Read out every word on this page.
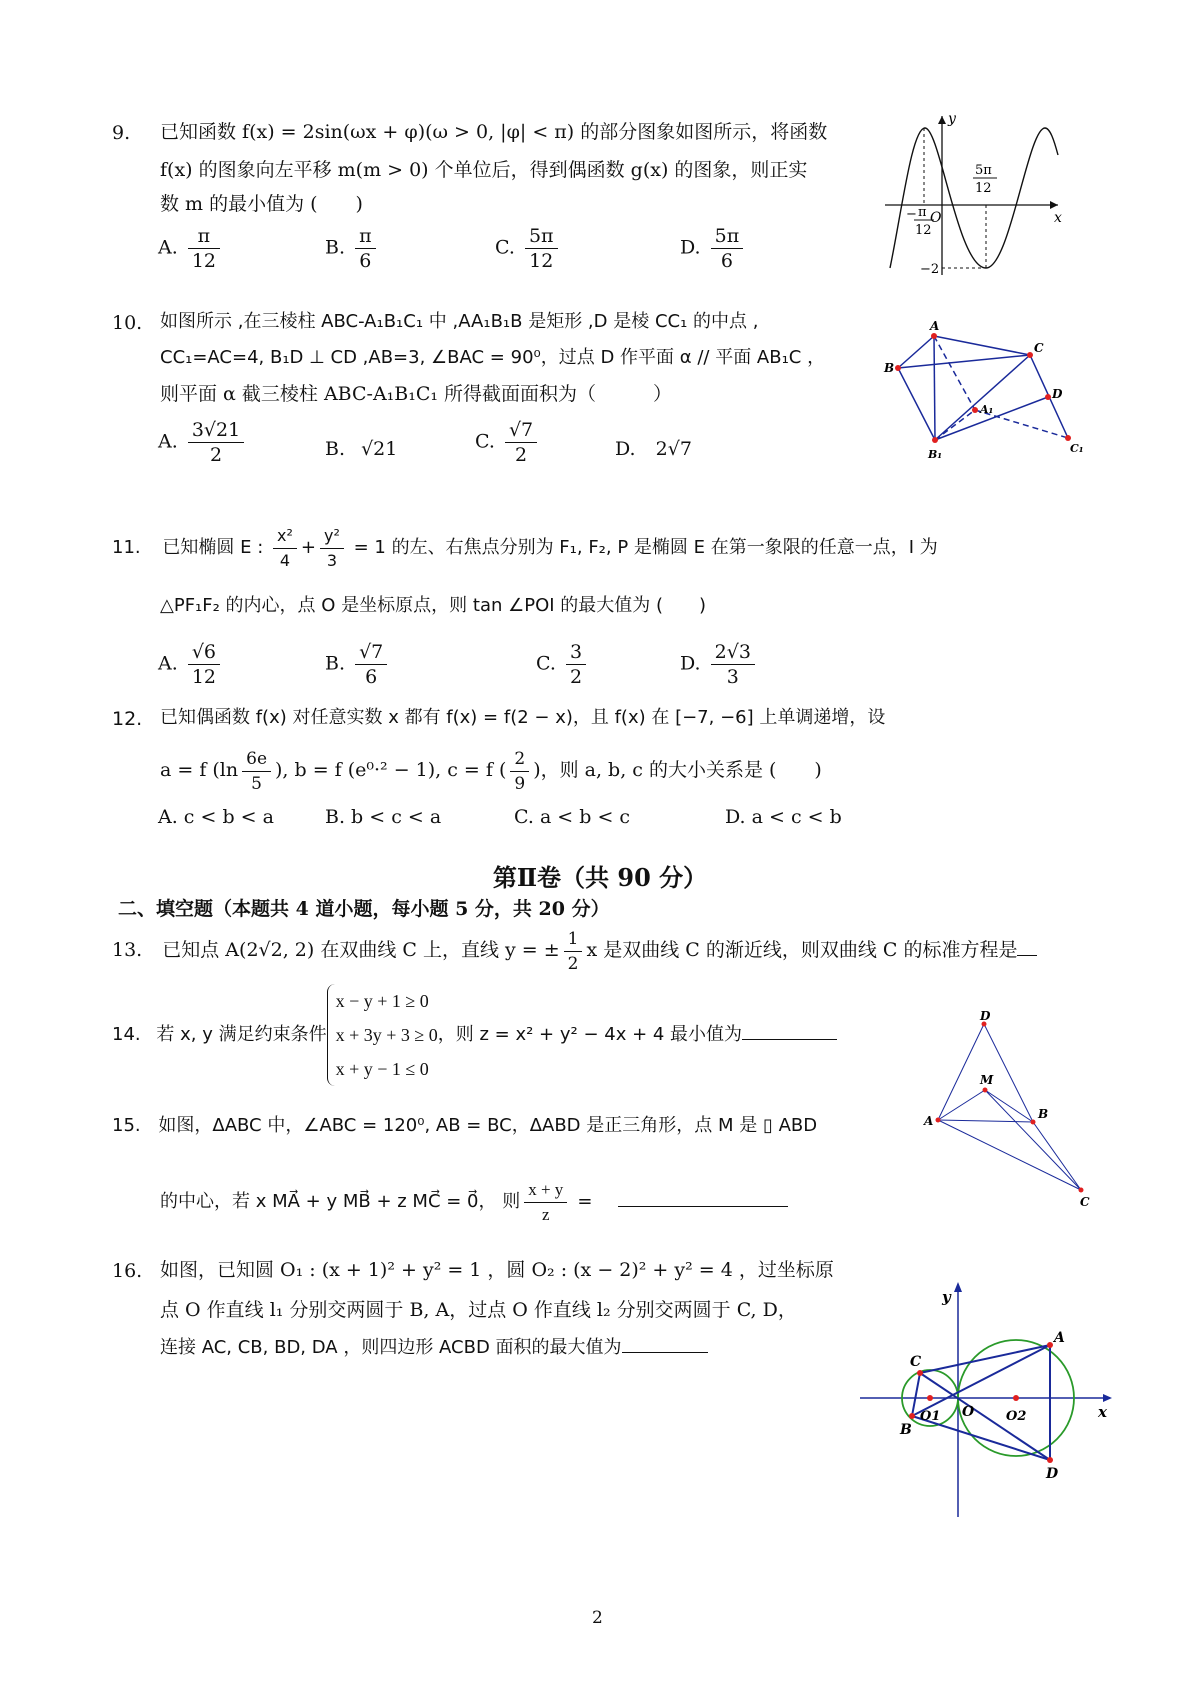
9. 已知函数 f(x) = 2sin(ωx + φ)(ω > 0, |φ| < π) 的部分图象如图所示，将函数
f(x) 的图象向左平移 m(m > 0) 个单位后，得到偶函数 g(x) 的图象，则正实
数 m 的最小值为 (　　)
A. $\frac{\pi}{12}$	B. $\frac{\pi}{6}$	C. $\frac{5\pi}{12}$	D. $\frac{5\pi}{6}$
y
x
O
−2
5π
12
− π
12
10. 如图所示 ,在三棱柱 ABC-A₁B₁C₁ 中 ,AA₁B₁B 是矩形 ,D 是棱 CC₁ 的中点 ,
CC₁=AC=4, B₁D ⊥ CD ,AB=3, ∠BAC = 90⁰，过点 D 作平面 α // 平面 AB₁C ，
则平面 α 截三棱柱 ABC-A₁B₁C₁ 所得截面面积为（　　　）
A. $\frac{3√21}{2}$	B. √21	C. $\frac{√7}{2}$	D. 2√7
A
B
C
D
A₁
B₁	C₁
11. 已知椭圆 E : $\frac{\text{x²}}{4} + \frac{\text{y²}}{3} = 1$ 的左、右焦点分别为 F₁, F₂, P 是椭圆 E 在第一象限的任意一点，I 为
△PF₁F₂ 的内心，点 O 是坐标原点，则 tan ∠POI 的最大值为 (　　)
A. $\frac{√6}{12}$	B. $\frac{√7}{6}$	C. $\frac{3}{2}$	D. $\frac{2√3}{3}$
12. 已知偶函数 f(x) 对任意实数 x 都有 f(x) = f(2 − x)，且 f(x) 在 [−7, −6] 上单调递增，设
a = f ($\ln \frac{6e}{5}$ ), b = f (e⁰·² − 1), c = f ( $\frac{2}{9}$ )，则 a, b, c 的大小关系是 (　　)
A. c < b < a	B. b < c < a	C. a < b < c	D. a < c < b
第Ⅱ卷（共 90 分）
二、填空题（本题共 4 道小题，每小题 5 分，共 20 分）
13. 已知点 A(2√2, 2) 在双曲线 C 上，直线 y = ± $\frac{1}{2}$ x 是双曲线 C 的渐近线，则双曲线 C 的标准方程是
14. 若 x, y 满足约束条件
x − y + 1 ≥ 0
x + 3y + 3 ≥ 0
x + y − 1 ≤ 0
，则 z = x² + y² − 4x + 4 最小值为
D
M
A	B
C
15. 如图，ΔABC 中，∠ABC = 120⁰, AB = BC，ΔABD 是正三角形，点 M 是 ▯ ABD
的中心，若 x MA⃗ + y MB⃗ + z MC⃗ = 0⃗， 则 $\frac{x + y}{z}$ =
16. 如图，已知圆 O₁ : (x + 1)² + y² = 1 ，圆 O₂ : (x − 2)² + y² = 4 ，过坐标原
点 O 作直线 l₁ 分别交两圆于 B, A，过点 O 作直线 l₂ 分别交两圆于 C, D，
连接 AC, CB, BD, DA ，则四边形 ACBD 面积的最大值为
y
x
A
B
C
D
O
O1	O2
2
